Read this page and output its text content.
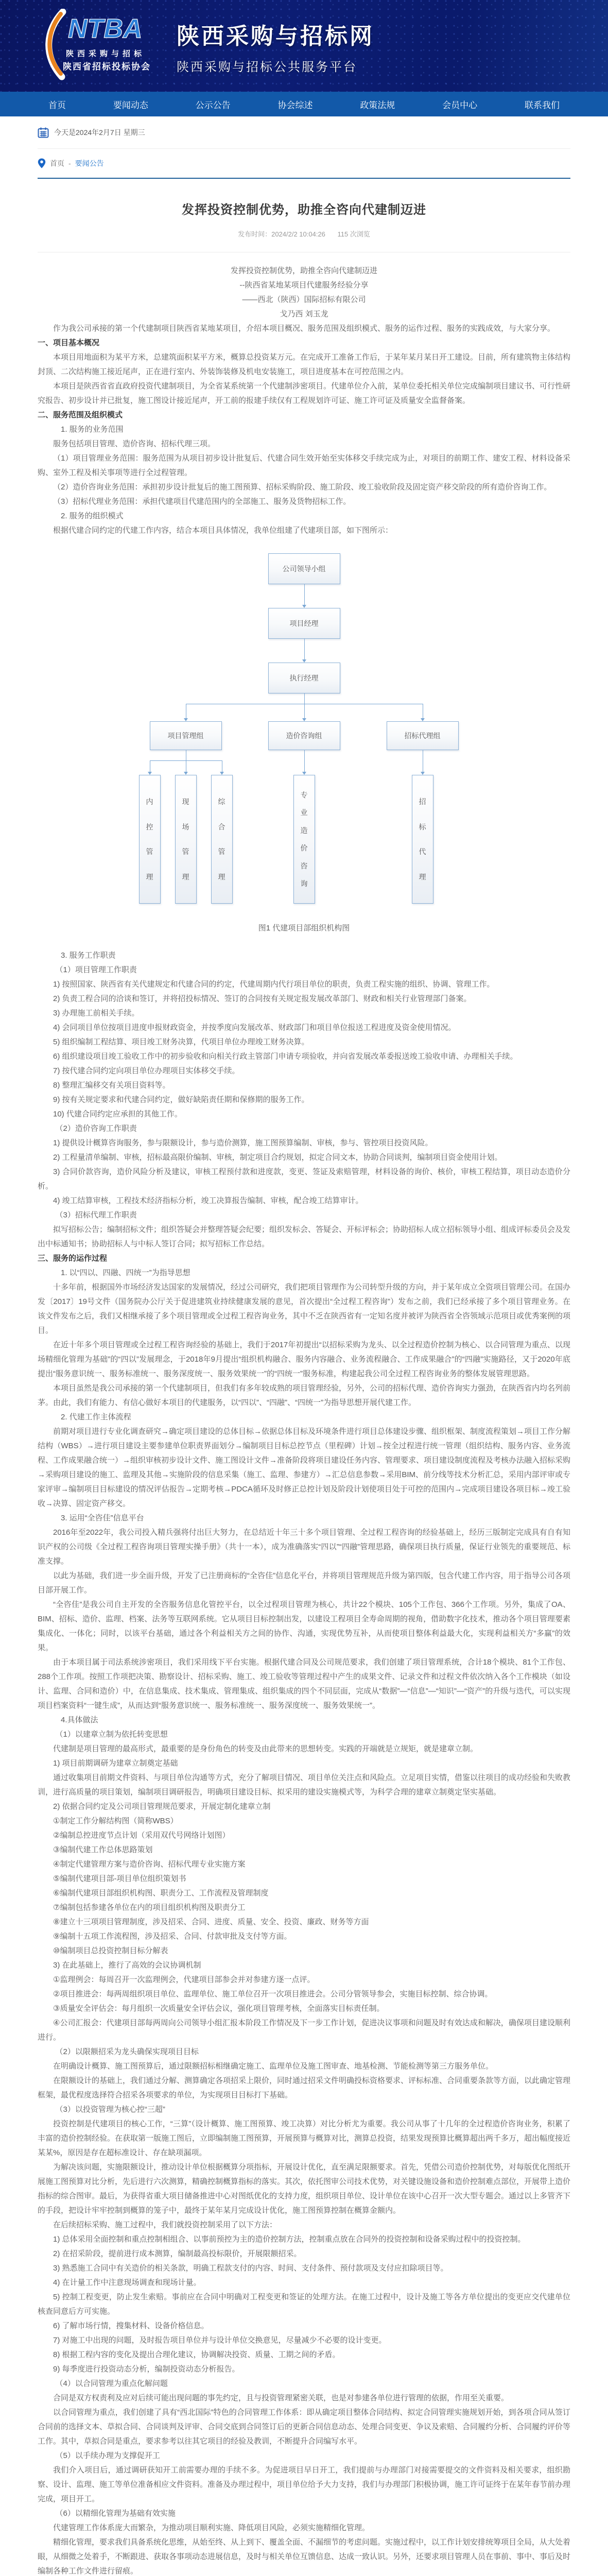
NTBA
陕西采购与招标
陕西省招标投标协会
陕西采购与招标网
陕西采购与招标公共服务平台
首页	要闻动态	公示公告	协会综述	政策法规	会员中心	联系我们
今天是2024年2月7日 星期三
首页 - 要闻公告
发挥投资控制优势，助推全咨向代建制迈进
发布时间：2024/2/2 10:04:26 115 次浏览

发挥投资控制优势，助推全咨向代建制迈进

--陕西省某地某项目代建服务经验分享

——西北（陕西）国际招标有限公司

戈乃西 刘玉龙

作为我公司承接的第一个代建制项目陕西省某地某项目，介绍本项目概况、服务范围及组织模式、服务的运作过程、服务的实践成效，与大家分享。

一、项目基本概况

本项目用地面积为某平方米，总建筑面积某平方米，概算总投资某万元。在完成开工准备工作后，于某年某月某日开工建设。目前，所有建筑物主体结构封顶、二次结构施工接近尾声，正在进行室内、外装饰装修及机电安装施工，项目进度基本在可控范围之内。

本项目是陕西省省直政府投资代建制项目，为全省某系统第一个代建制涉密项目。代建单位介入前，某单位委托相关单位完成编制项目建议书、可行性研究报告、初步设计并已批复，施工图设计接近尾声，开工前的报建手续仅有工程规划许可证、施工许可证及质量安全监督备案。

二、服务范围及组织模式

1. 服务的业务范围

服务包括项目管理、造价咨询、招标代理三项。

（1）项目管理业务范围：服务范围为从项目初步设计批复后、代建合同生效开始至实体移交手续完成为止，对项目的前期工作、建安工程、材料设备采购、室外工程及相关事项等进行全过程管理。

（2）造价咨询业务范围：承担初步设计批复后的施工图预算、招标采购阶段、施工阶段、竣工验收阶段及固定资产移交阶段的所有造价咨询工作。

（3）招标代理业务范围：承担代建项目代建范围内的全部施工、服务及货物招标工作。

2. 服务的组织模式

根据代建合同约定的代建工作内容，结合本项目具体情况，我单位组建了代建项目部，如下图所示：

公司领导小组
项目经理
执行经理
项目管理组	造价咨询组	招标代理组
内
控
管
理
现
场
管
理
综
合
管
理
专
业
造
价
咨
询
招
标
代
理

图1 代建项目部组织机构图

3. 服务工作职责

（1）项目管理工作职责

1) 按照国家、陕西省有关代建规定和代建合同的约定，代建周期内代行项目单位的职责，负责工程实施的组织、协调、管理工作。

2) 负责工程合同的洽谈和签订，并将招投标情况、签订的合同按有关规定报发展改革部门、财政和相关行业管理部门备案。

3) 办理施工前相关手续。

4) 会同项目单位按项目进度申报财政资金，并按季度向发展改革、财政部门和项目单位报送工程进度及资金使用情况。

5) 组织编制工程结算、项目竣工财务决算，代项目单位办理竣工财务决算。

6) 组织建设项目竣工验收工作中的初步验收和向相关行政主管部门申请专项验收，并向省发展改革委报送竣工验收申请、办理相关手续。

7) 按代建合同约定向项目单位办理项目实体移交手续。

8) 整理汇编移交有关项目资料等。

9) 按有关规定要求和代建合同约定，做好缺陷责任期和保修期的服务工作。

10) 代建合同约定应承担的其他工作。

（2）造价咨询工作职责

1) 提供设计概算咨询服务，参与限额设计，参与造价测算，施工图预算编制、审核，参与、管控项目投资风险。

2) 工程量清单编制、审核，招标最高限价编制、审核，制定项目合约规划，拟定合同文本，协助合同谈判，编制项目资金使用计划。

3) 合同价款咨询，造价风险分析及建议，审核工程预付款和进度款，变更、签证及索赔管理，材料设备的询价、核价，审核工程结算，项目动态造价分析。

4) 竣工结算审核，工程技术经济指标分析，竣工决算报告编制、审核，配合竣工结算审计。

（3）招标代理工作职责

拟写招标公告；编制招标文件；组织答疑会并整理答疑会纪要；组织发标会、答疑会、开标评标会；协助招标人成立招标领导小组、组成评标委员会及发出中标通知书；协助招标人与中标人签订合同；拟写招标工作总结。

三、服务的运作过程

1. 以“四以、四融、四统一”为指导思想

十多年前，根据国外市场经济发达国家的发展情况，经过公司研究，我们把项目管理作为公司转型升级的方向，并于某年成立全资项目管理公司。在国办发〔2017〕19号文件（国务院办公厅关于促进建筑业持续健康发展的意见，首次提出“全过程工程咨询”）发布之前，我们已经承接了多个项目管理业务。在该文件发布之后，我们又相继承接了多个项目管理或全过程工程咨询业务，其中不乏在陕西省有一定知名度并被评为陕西省全咨领域示范项目或优秀案例的项目。

在近十年多个项目管理或全过程工程咨询经验的基础上，我们于2017年初提出“以招标采购为龙头、以全过程造价控制为核心、以合同管理为重点、以现场精细化管理为基础”的“四以”发展理念，于2018年9月提出“组织机构融合、服务内容融合、业务流程融合、工作成果融合”的“四融”实施路径，又于2020年底提出“服务意识统一、服务标准统一、服务深度统一、服务效果统一”的“四统一”服务标准，构建起我公司全过程工程咨询业务的整体发展管理思路。

本项目虽然是我公司承接的第一个代建制项目，但我们有多年较成熟的项目管理经验，另外，公司的招标代理、造价咨询实力强劲，在陕西省内均名列前茅。由此，我们有能力、有信心做好本项目的代建服务，以“四以”、“四融”、“四统一”为指导思想开展代建工作。

2. 代建工作主体流程

前期对项目进行专业化调查研究→确定项目建设的总体目标→依据总体目标及环境条件进行项目总体建设步骤、组织框架、制度流程策划→项目工作分解结构（WBS）→进行项目建设主要参建单位职责界面划分→编制项目目标总控节点（里程碑）计划→按全过程进行统一管理（组织结构、服务内容、业务流程、工作成果融合统一）→组织审核初步设计文件、施工图设计文件→准备阶段将项目建设任务内容、管理要求、项目建设制度流程及考核办法融入招标采购→采购项目建设的施工、监理及其他→实施阶段的信息采集（施工、监理、参建方）→汇总信息参数→采用BIM、前分线等技术分析汇总，采用内部评审或专家评审→编制项目目标建设的情况评估报告→定期考核→PDCA循环及时修正总控计划及阶段计划使项目处于可控的范围内→完成项目建设各项目标→竣工验收→决算、固定资产移交。

3. 运用“全咨佳”信息平台

2016年至2022年，我公司投入精兵强将付出巨大努力，在总结近十年三十多个项目管理、全过程工程咨询的经验基础上，经历三版制定完成具有自有知识产权的公司级《全过程工程咨询项目管理实操手册》（共十一本），成为准确落实“四以”“四融”管理思路，确保项目执行质量，保证行业领先的重要规范、标准支撑。

以此为基础，我们进一步全面升级，开发了已注册商标的“全咨佳”信息化平台，并将项目管理规范升级为第四版，包含代建工作内容，用于指导公司各项目部开展工作。

“全咨佳”是我公司自主开发的全咨服务信息化管控平台，以全过程项目管理为核心，共计22个模块、105个工作包、366个工作项。另外，集成了OA、BIM、招标、造价、监理、档案、法务等互联网系统。它从项目目标控制出发，以建设工程项目全寿命周期的视角，借助数字化技术，推动各个项目管理要素集成化、一体化；同时，以该平台基础，通过各个利益相关方之间的协作、沟通，实现优势互补，从而使项目整体利益最大化，实现利益相关方“多赢”的效果。

由于本项目属于司法系统涉密项目，我们采用线下平台实施。根据代建合同及公司规范要求，我们创建了项目管理系统，合计18个模块、81个工作包、288个工作项。按照工作项把决策、勘察设计、招标采购、施工、竣工验收等管理过程中产生的成果文件、记录文件和过程文件依次纳入各个工作模块（如设计、监理、合同和造价）中，在信息集成、技术集成、管理集成、组织集成的四个不同层面，完成从“数据”—“信息”—“知识”—“资产”的升级与迭代，可以实现项目档案资料“一键生成”，从而达到“服务意识统一、服务标准统一、服务深度统一、服务效果统一”。

4.具体做法

（1）以建章立制为依托转变思想

代建制是项目管理的最高形式，最重要的是身份角色的转变及由此带来的思想转变。实践的开端就是立规矩，就是建章立制。

1) 项目前期调研为建章立制奠定基础

通过收集项目前期文件资料、与项目单位沟通等方式，充分了解项目情况、项目单位关注点和风险点。立足项目实情，借鉴以往项目的成功经验和失败教训，进行高质量的项目策划，编制项目调研报告，明确项目建设目标、拟采用的建设实施模式等，为科学合理的建章立制奠定坚实基础。

2) 依据合同约定及公司项目管理规范要求，开展定制化建章立制

①制定工作分解结构图（简称WBS）

②编制总控进度节点计划（采用双代号网络计划图）

③编制代建工作总体思路策划

④制定代建管理方案与造价咨询、招标代理专业实施方案

⑤编制代建项目部-项目单位组织策划书

⑥编制代建项目部组织机构图、职责分工、工作流程及管理制度

⑦编制包括参建各单位在内的项目组织机构图及职责分工

⑧建立十三项项目管理制度，涉及招采、合同、进度、质量、安全、投资、廉政、财务等方面

⑨编制十五项工作流程图，涉及招采、合同、付款审批及支付等方面。

⑩编制项目总投资控制目标分解表

3) 在此基础上，推行了高效的会议协调机制

①监理例会：每周召开一次监理例会，代建项目部参会并对参建方逐一点评。

②项目推进会：每两周组织项目单位、监理单位、施工单位召开一次项目推进会。公司分管领导参会，实施目标控制、综合协调。

③质量安全评估会：每月组织一次质量安全评估会议，强化项目管理考核，全面落实目标责任制。

④公司汇报会：代建项目部每两周向公司领导小组汇报本阶段工作情况及下一步工作计划，促进决议事项和问题及时有效达成和解决，确保项目建设顺利进行。

（2）以限额招采为龙头确保实现项目目标

在明确设计概算、施工图预算后，通过限额招标相继确定施工、监理单位及施工图审查、地基检测、节能检测等第三方服务单位。

在限额设计的基础上，我们通过分解、测算确定各项招采上限价，同时通过招采文件明确投标资格要求、评标标准、合同重要条款等方面，以此确定管理框架，最优程度选择符合招采各项要求的单位，为实现项目目标打下基础。

（3）以投资管理为核心控“三超”

投资控制是代建项目的核心工作，“三算”（设计概算、施工图预算、竣工决算）对比分析尤为重要。我公司从事了十几年的全过程造价咨询业务，积累了丰富的造价控制经验。在获取第一版施工图后，立即编制施工图预算，开展预算与概算对比，测算总投资，结果发现预算比概算超出两千多万，超出幅度接近某某%，原因是存在超标准设计、存在缺项漏项。

为解决该问题，实施限额设计，推动设计单位根据概算分项指标，开展设计优化，直至满足限额要求。首先，凭借公司造价控制优势，对每版优化图纸开展施工图预算对比分析，先后进行六次测算，精确控制概算指标的落实。其次，依托图审公司技术优势，对关键设施设备和造价控制难点部位，开展带上造价指标的综合图审。最后，为获得省重大项目储备推进中心对图纸优化的支持力度，组织项目单位、设计单位在该中心召开一次大型专题会。通过以上多管齐下的手段，把设计牢牢控制到概算的笼子中，最终于某年某月完成设计优化，施工图预算控制在概算金额内。

在后续招标采购、施工过程中，我们就投资控制采用了以下方法：

1) 总体采用全面控制和重点控制相组合、以事前预控为主的造价控制方法，控制重点放在合同外的投资控制和设备采购过程中的投资控制。

2) 在招采阶段，提前进行成本测算，编制最高投标限价，开展限额招采。

3) 熟悉施工合同中有关造价的相关条款，明确工程款支付的内容、时间、支付条件、预付款项及支付应扣除项目等。

4) 在计量工作中注意现场调查和现场计量。

5) 控制工程变更，防止发生索赔。事前应在合同中明确对工程变更和签证的处理方法。在施工过程中，设计及施工等各方单位提出的变更应交代建单位核查同意后方可实施。

6) 了解市场行情，搜集材料、设备价格信息。

7) 对施工中出现的问题，及时报告项目单位并与设计单位交换意见，尽量减少不必要的设计变更。

8) 根据工程内容的变化及提出合理化建议，协调解决投资、质量、工期之间的矛盾。

9) 每季度进行投资动态分析，编制投资动态分析报告。

（4）以合同管理为重点化解问题

合同是双方权责利及应对后续可能出现问题的事先约定，且与投资管理紧密关联，也是对参建各单位进行管理的依据，作用至关重要。

以合同管理为重点，我们创建了具有“西北国际”特色的合同管理工作体系：即从确定项目整体合同结构、拟定合同管理实施规划开始，到各项合同从签订合同前的选择文本、草拟合同、合同谈判及评审、合同交底到合同签订后的更新合同信息动态、处理合同变更、争议及索赔、合同履约分析、合同履约评价等工作。其中，草拟合同是重点，要求参考以往其它项目的经验及教训，不断提升合同编写水平。

（5）以手续办理为支撑促开工

我们介入项目后，通过调研获知开工前需要办理的手续不多。为促进项目早日开工，我们提前与办理部门对接需要提交的文件资料及相关要求，组织勘察、设计、监理、施工等单位准备相应文件资料。准备及办理过程中，项目单位给予大力支持，我们与办理部门积极协调，施工许可证终于在某年春节前办理完成，项目开工。

（6）以精细化管理为基础有效实施

代建管理工作体系庞大而繁杂，为推动项目顺利实施、降低项目风险，必须实施精细化管理。

精细化管理，要求我们具备系统化思维，从始至终、从上到下、覆盖全面、不漏细节的考虑问题。实施过程中，以工作计划安排统筹项目全局，从大处着眼，从细微之处着手，不断跟进、获取各事项动态进展信息，及时与相关单位互馈信息、达成一致认识。另外，还要求项目管理人员在事前、事中、事后及时编制各种工作文件进行留痕。
